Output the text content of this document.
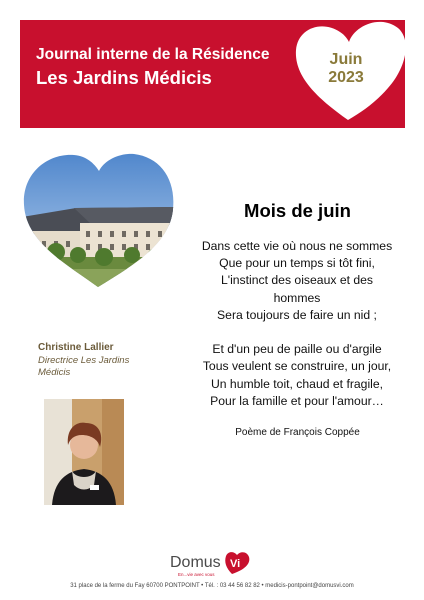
Journal interne de la Résidence
Les Jardins Médicis
Juin
2023
Christine Lallier
Directrice Les Jardins Médicis
Mois de juin
Dans cette vie où nous ne sommes
Que pour un temps si tôt fini,
L'instinct des oiseaux et des
hommes
Sera toujours de faire un nid ;
Et d'un peu de paille ou d'argile
Tous veulent se construire, un jour,
Un humble toit, chaud et fragile,
Pour la famille et pour l'amour…
Poème de François Coppée
Domus Vi
En...vie avec vous
31 place de la ferme du Fay 60700 PONTPOINT • Tél. : 03 44 56 82 82 • medicis-pontpoint@domusvi.com
